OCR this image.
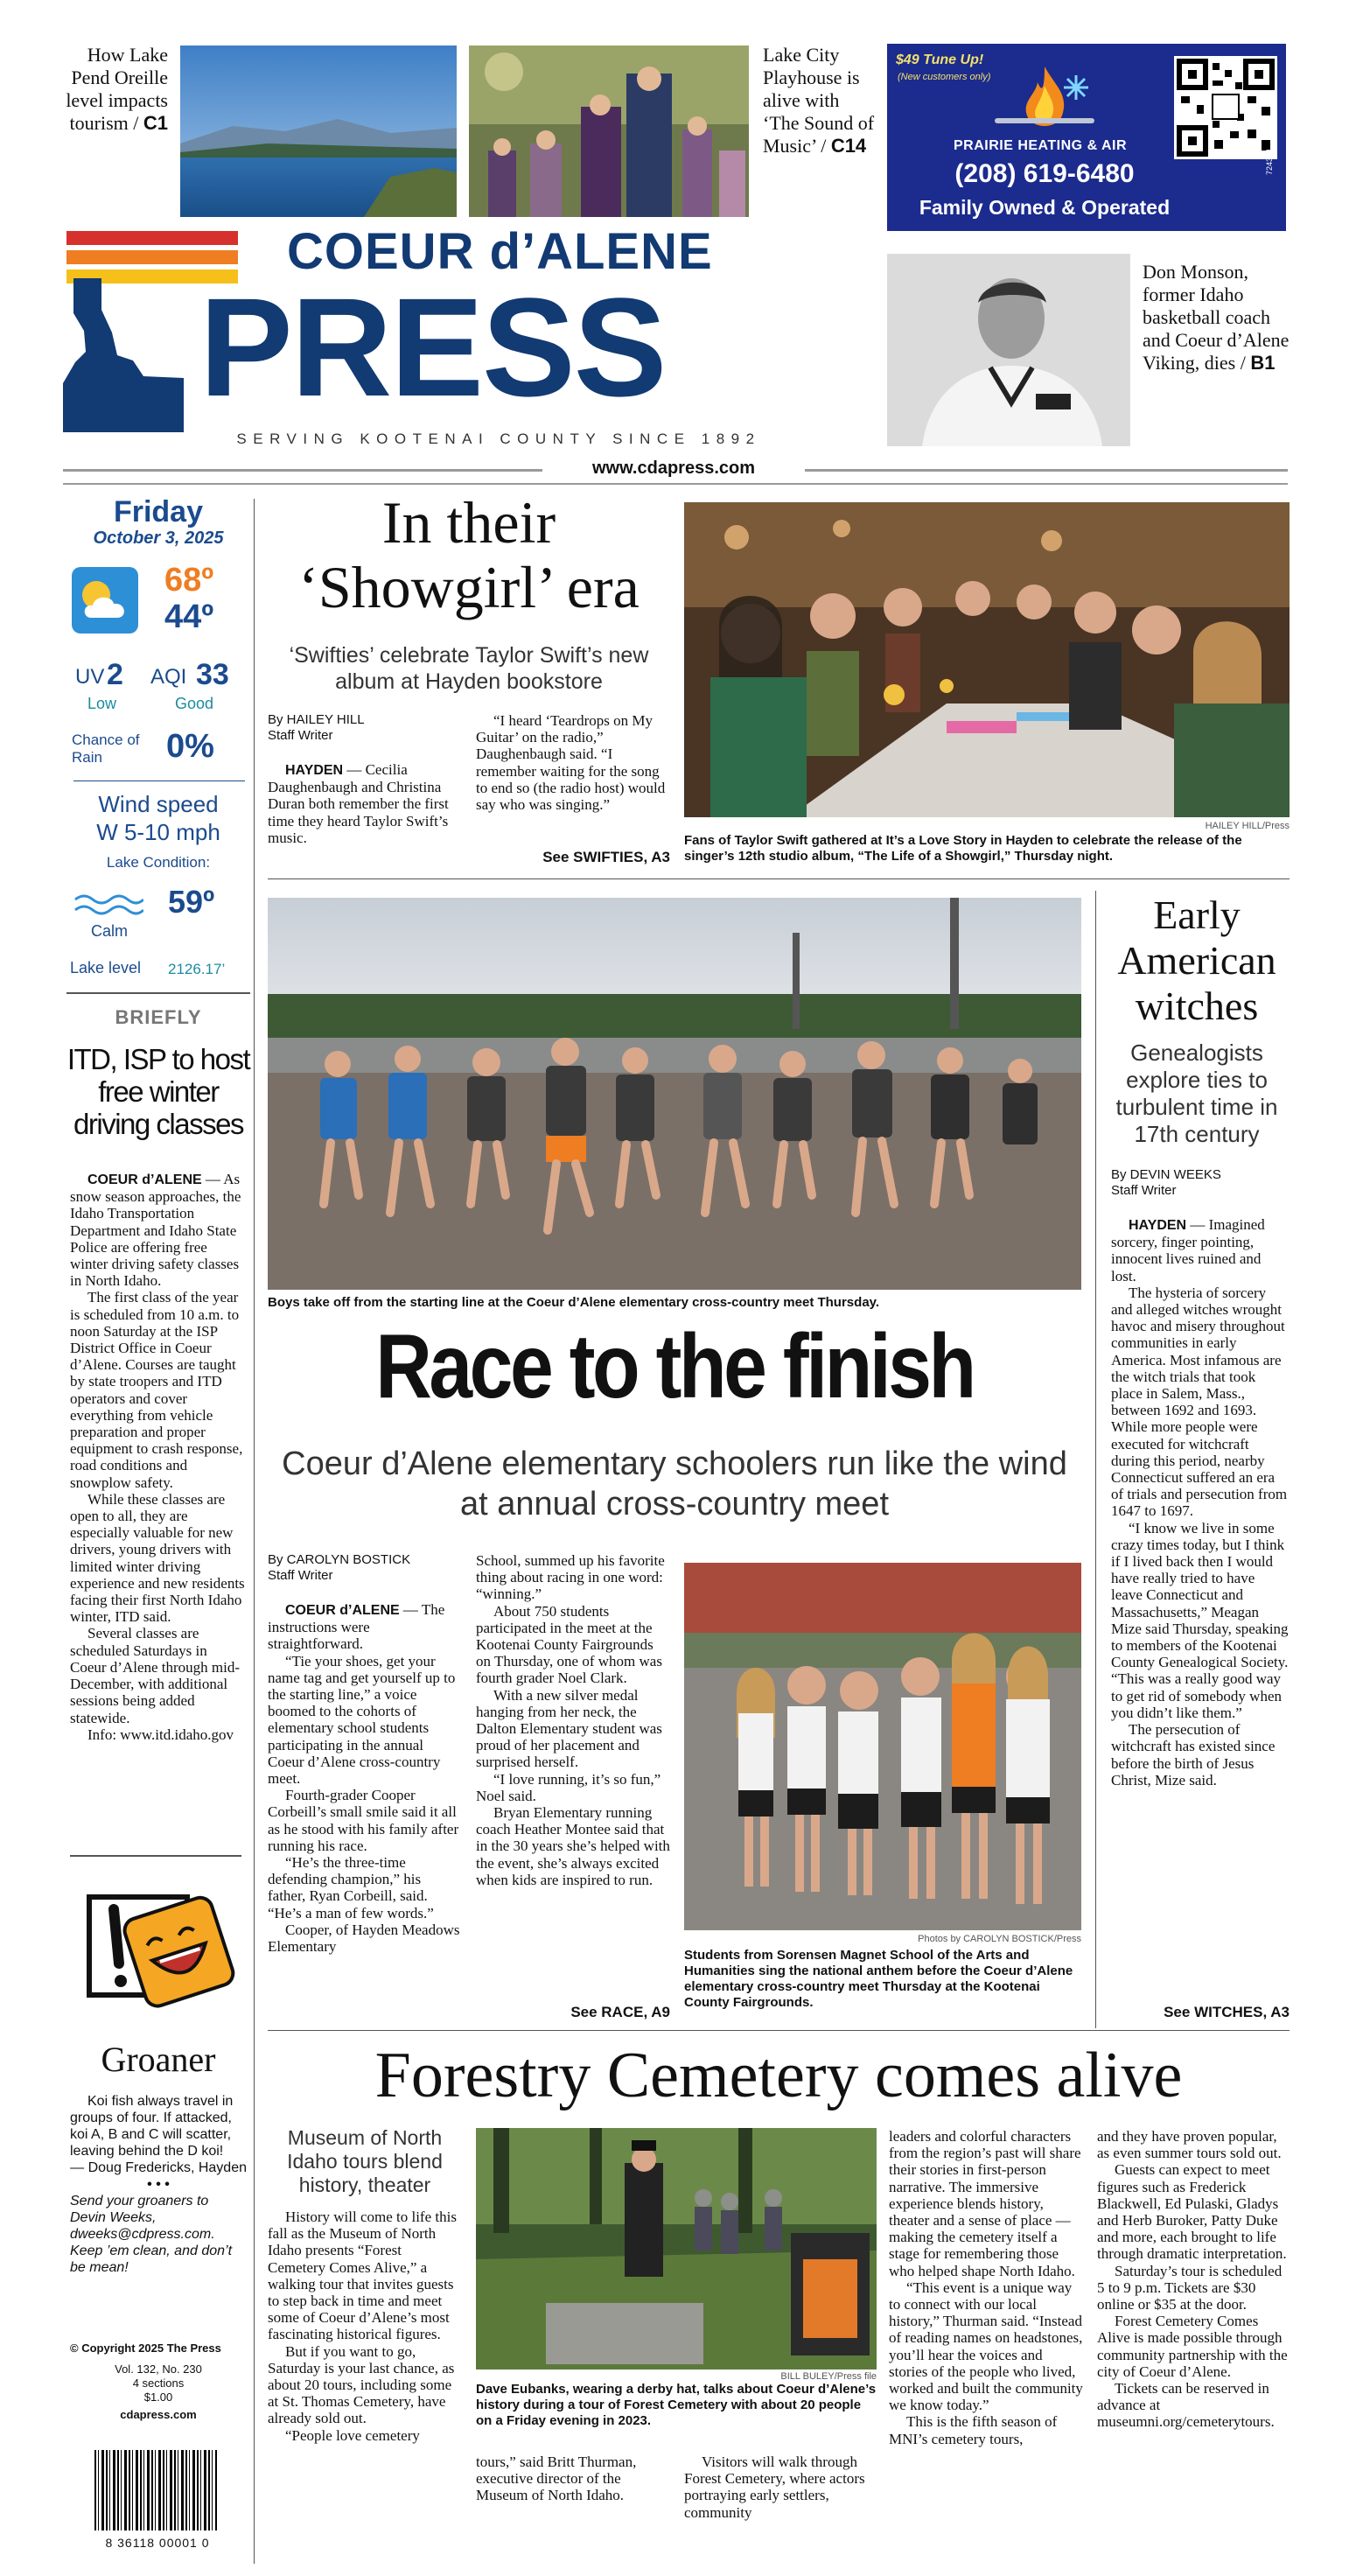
How Lake Pend Oreille level impacts tourism / C1
Lake City Playhouse is alive with ‘The Sound of Music’ / C14
$49 Tune Up!
(New customers only)
PRAIRIE HEATING & AIR
(208) 619-6480
Family Owned & Operated
SCAN ME
724364
COEUR d’ALENE
PRESS
SERVING KOOTENAI COUNTY SINCE 1892
Don Monson, former Idaho basketball coach and Coeur d’Alene Viking, dies / B1
www.cdapress.com
Friday
October 3, 2025
68º
44º
UV 2
Low
AQI 33
Good
Chance of Rain	0%
Wind speed
W 5-10 mph
Lake Condition:
59º
Calm
Lake level 2126.17’
BRIEFLY
ITD, ISP to host free winter driving classes

COEUR d’ALENE — As snow season approaches, the Idaho Transportation Department and Idaho State Police are offering free winter driving safety classes in North Idaho.

The first class of the year is scheduled from 10 a.m. to noon Saturday at the ISP District Office in Coeur d’Alene. Courses are taught by state troopers and ITD operators and cover everything from vehicle preparation and proper equipment to crash response, road conditions and snowplow safety.

While these classes are open to all, they are especially valuable for new drivers, young drivers with limited winter driving experience and new residents facing their first North Idaho winter, ITD said.

Several classes are scheduled Saturdays in Coeur d’Alene through mid-December, with additional sessions being added statewide.

Info: www.itd.idaho.gov

Groaner

Koi fish always travel in groups of four. If attacked, koi A, B and C will scatter, leaving behind the D koi!

— Doug Fredericks, Hayden

• • •

Send your groaners to Devin Weeks, dweeks@cdpress.com. Keep ’em clean, and don’t be mean!

© Copyright 2025 The Press
Vol. 132, No. 230
4 sections
$1.00
cdapress.com
8 36118 00001 0
In their
‘Showgirl’ era
‘Swifties’ celebrate Taylor Swift’s new album at Hayden bookstore
By HAILEY HILL
Staff Writer

HAYDEN — Cecilia Daughenbaugh and Christina Duran both remember the first time they heard Taylor Swift’s music.

“I heard ‘Teardrops on My Guitar’ on the radio,” Daughenbaugh said. “I remember waiting for the song to end so (the radio host) would say who was singing.”

See SWIFTIES, A3
HAILEY HILL/Press
Fans of Taylor Swift gathered at It’s a Love Story in Hayden to celebrate the release of the singer’s 12th studio album, “The Life of a Showgirl,” Thursday night.
Boys take off from the starting line at the Coeur d’Alene elementary cross-country meet Thursday.
Race to the finish
Coeur d’Alene elementary schoolers run like the wind at annual cross-country meet
By CAROLYN BOSTICK
Staff Writer

COEUR d’ALENE — The instructions were straightforward.

“Tie your shoes, get your name tag and get yourself up to the starting line,” a voice boomed to the cohorts of elementary school students participating in the annual Coeur d’Alene cross-country meet.

Fourth-grader Cooper Corbeill’s small smile said it all as he stood with his family after running his race.

“He’s the three-time defending champion,” his father, Ryan Corbeill, said. “He’s a man of few words.”

Cooper, of Hayden Meadows Elementary

School, summed up his favorite thing about racing in one word: “winning.”

About 750 students participated in the meet at the Kootenai County Fairgrounds on Thursday, one of whom was fourth grader Noel Clark.

With a new silver medal hanging from her neck, the Dalton Elementary student was proud of her placement and surprised herself.

“I love running, it’s so fun,” Noel said.

Bryan Elementary running coach Heather Montee said that in the 30 years she’s helped with the event, she’s always excited when kids are inspired to run.

See RACE, A9
Photos by CAROLYN BOSTICK/Press
Students from Sorensen Magnet School of the Arts and Humanities sing the national anthem before the Coeur d’Alene elementary cross-country meet Thursday at the Kootenai County Fairgrounds.
Early American witches
Genealogists explore ties to turbulent time in 17th century
By DEVIN WEEKS
Staff Writer

HAYDEN — Imagined sorcery, finger pointing, innocent lives ruined and lost.

The hysteria of sorcery and alleged witches wrought havoc and misery throughout communities in early America. Most infamous are the witch trials that took place in Salem, Mass., between 1692 and 1693. While more people were executed for witchcraft during this period, nearby Connecticut suffered an era of trials and persecution from 1647 to 1697.

“I know we live in some crazy times today, but I think if I lived back then I would have really tried to have leave Connecticut and Massachusetts,” Meagan Mize said Thursday, speaking to members of the Kootenai County Genealogical Society. “This was a really good way to get rid of somebody when you didn’t like them.”

The persecution of witchcraft has existed since before the birth of Jesus Christ, Mize said.

See WITCHES, A3
Forestry Cemetery comes alive
Museum of North Idaho tours blend history, theater

History will come to life this fall as the Museum of North Idaho presents “Forest Cemetery Comes Alive,” a walking tour that invites guests to step back in time and meet some of Coeur d’Alene’s most fascinating historical figures.

But if you want to go, Saturday is your last chance, as about 20 tours, including some at St. Thomas Cemetery, have already sold out.

“People love cemetery

BILL BULEY/Press file
Dave Eubanks, wearing a derby hat, talks about Coeur d’Alene’s history during a tour of Forest Cemetery with about 20 people on a Friday evening in 2023.

tours,” said Britt Thurman, executive director of the Museum of North Idaho.

Visitors will walk through Forest Cemetery, where actors portraying early settlers, community

leaders and colorful characters from the region’s past will share their stories in first-person narrative. The immersive experience blends history, theater and a sense of place — making the cemetery itself a stage for remembering those who helped shape North Idaho.

“This event is a unique way to connect with our local history,” Thurman said. “Instead of reading names on headstones, you’ll hear the voices and stories of the people who lived, worked and built the community we know today.”

This is the fifth season of MNI’s cemetery tours,

and they have proven popular, as even summer tours sold out.

Guests can expect to meet figures such as Frederick Blackwell, Ed Pulaski, Gladys and Herb Buroker, Patty Duke and more, each brought to life through dramatic interpretation.

Saturday’s tour is scheduled 5 to 9 p.m. Tickets are $30 online or $35 at the door.

Forest Cemetery Comes Alive is made possible through community partnership with the city of Coeur d’Alene.

Tickets can be reserved in advance at museumni.org/cemeterytours.
